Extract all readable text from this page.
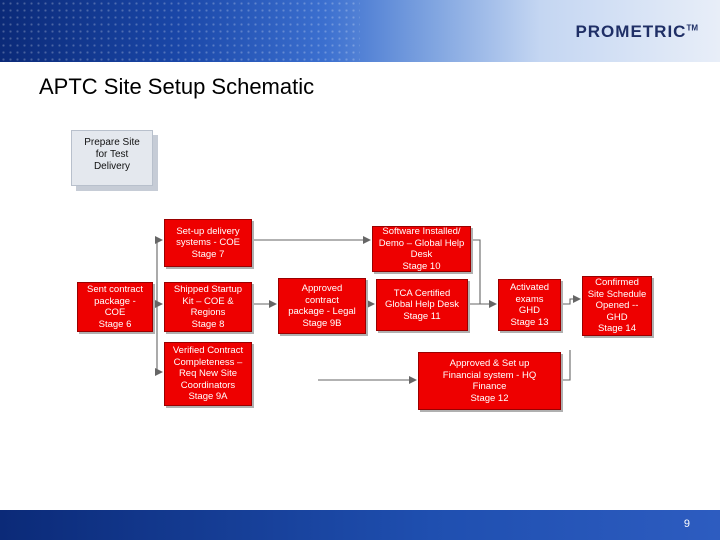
PROMETRIC™
APTC Site Setup Schematic
Prepare Site
for Test
Delivery
Set-up delivery
systems - COE
Stage 7
Sent contract
package -
COE
Stage 6
Shipped Startup
Kit – COE &
Regions
Stage 8
Verified Contract
Completeness –
Req New Site
Coordinators
Stage 9A
Approved
contract
package - Legal
Stage 9B
Software Installed/
Demo – Global Help
Desk
Stage 10
TCA Certified
Global Help Desk
Stage 11
Approved & Set up
Financial system - HQ
Finance
Stage 12
Activated
exams
GHD
Stage 13
Confirmed
Site Schedule
Opened --
GHD
Stage 14
9
